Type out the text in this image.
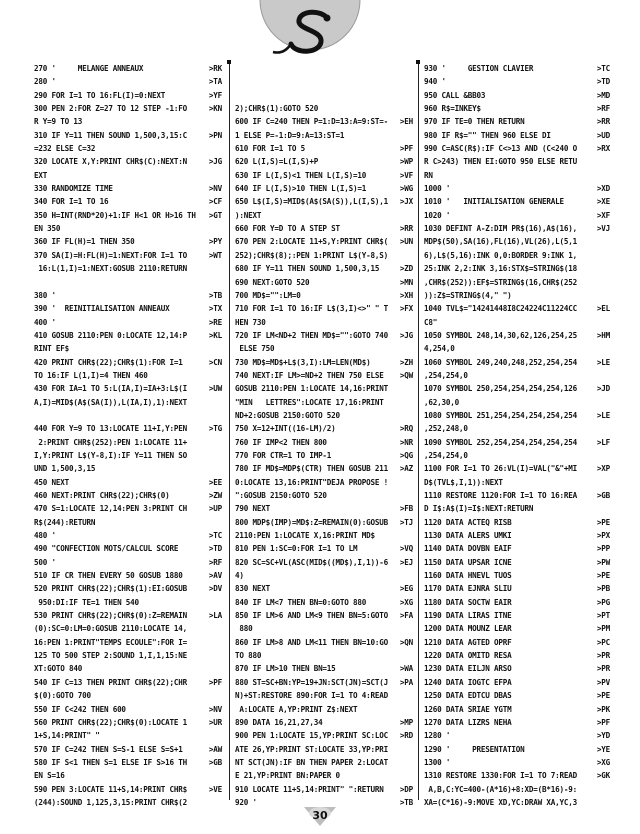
270 '     MELANGE ANNEAUX	>RK
280 '	>TA
290 FOR I=1 TO 16:FL(I)=0:NEXT	>YF
300 PEN 2:FOR Z=27 TO 12 STEP -1:FO	>KN
R Y=9 TO 13
310 IF Y=11 THEN SOUND 1,500,3,15:C	>PN
=232 ELSE C=32
320 LOCATE X,Y:PRINT CHR$(C):NEXT:N	>JG
EXT
330 RANDOMIZE TIME	>NV
340 FOR I=1 TO 16	>CF
350 H=INT(RND*20)+1:IF H<1 OR H>16 TH >GT
EN 350
360 IF FL(H)=1 THEN 350	>PY
370 SA(I)=H:FL(H)=1:NEXT:FOR I=1 TO	>WT
16:L(1,I)=1:NEXT:GOSUB 2110:RETURN

380 '	>TB
390 '  REINITIALISATION ANNEAUX	>TX
400 '	>RE
410 GOSUB 2110:PEN 0:LOCATE 12,14:P	>KL
RINT EF$
420 PRINT CHR$(22);CHR$(1):FOR I=1	>CN
TO 16:IF L(1,I)=4 THEN 460
430 FOR IA=1 TO 5:L(IA,I)=IA+3:L$(I	>UW
A,I)=MID$(A$(SA(I)),L(IA,I),1):NEXT

440 FOR Y=9 TO 13:LOCATE 11+I,Y:PEN	>TG
2:PRINT CHR$(252):PEN 1:LOCATE 11+
I,Y:PRINT L$(Y-8,I):IF Y=11 THEN SO
UND 1,500,3,15
450 NEXT	>EE
460 NEXT:PRINT CHR$(22);CHR$(0)	>ZW
470 S=1:LOCATE 12,14:PEN 3:PRINT CH	>UP
R$(244):RETURN
480 '	>TC
490 "CONFECTION MOTS/CALCUL SCORE	>TD
500 '	>RF
510 IF CR THEN EVERY 50 GOSUB 1880	>AV
520 PRINT CHR$(22);CHR$(1):EI:GOSUB	>DV
950:DI:IF TE=1 THEN 540
530 PRINT CHR$(22);CHR$(0):Z=REMAIN	>LA
(0):SC=0:LM=0:GOSUB 2110:LOCATE 14,
16:PEN 1:PRINT"TEMPS ECOULE":FOR I=
125 TO 500 STEP 2:SOUND 1,I,1,15:NE
XT:GOTO 840
540 IF C=13 THEN PRINT CHR$(22);CHR	>PF
$(0):GOTO 700
550 IF C<242 THEN 600	>NV
560 PRINT CHR$(22);CHR$(0):LOCATE 1	>UR
1+S,14:PRINT" "
570 IF C=242 THEN S=S-1 ELSE S=S+1	>AW
580 IF S<1 THEN S=1 ELSE IF S>16 TH	>GB
EN S=16
590 PEN 3:LOCATE 11+S,14:PRINT CHR$	>VE
(244):SOUND 1,125,3,15:PRINT CHR$(2

2);CHR$(1):GOTO 520
600 IF C=240 THEN P=1:D=13:A=9:ST=- >EH
1 ELSE P=-1:D=9:A=13:ST=1
610 FOR I=1 TO 5	>PF
620 L(I,S)=L(I,S)+P	>WP
630 IF L(I,S)<1 THEN L(I,S)=10	>VF
640 IF L(I,S)>10 THEN L(I,S)=1	>WG
650 L$(I,S)=MID$(A$(SA(S)),L(I,S),1 >JX
):NEXT
660 FOR Y=D TO A STEP ST	>RR
670 PEN 2:LOCATE 11+S,Y:PRINT CHR$( >UN
252);CHR$(8);:PEN 1:PRINT L$(Y-8,S)
680 IF Y=11 THEN SOUND 1,500,3,15	>ZD
690 NEXT:GOTO 520	>MN
700 MD$="":LM=0	>XH
710 FOR I=1 TO 16:IF L$(3,I)<>" " T >FX
HEN 730
720 IF LM<ND+2 THEN MD$="":GOTO 740 >JG
ELSE 750
730 MD$=MD$+L$(3,I):LM=LEN(MD$)	>ZH
740 NEXT:IF LM>=ND+2 THEN 750 ELSE >QW
GOSUB 2110:PEN 1:LOCATE 14,16:PRINT
"MIN   LETTRES":LOCATE 17,16:PRINT
ND+2:GOSUB 2150:GOTO 520
750 X=12+INT((16-LM)/2)	>RQ
760 IF IMP<2 THEN 800	>NR
770 FOR CTR=1 TO IMP-1	>QG
780 IF MD$=MDP$(CTR) THEN GOSUB 211 >AZ
0:LOCATE 13,16:PRINT"DEJA PROPOSE !
":GOSUB 2150:GOTO 520
790 NEXT	>FB
800 MDP$(IMP)=MD$:Z=REMAIN(0):GOSUB >TJ
2110:PEN 1:LOCATE X,16:PRINT MD$
810 PEN 1:SC=0:FOR I=1 TO LM	>VQ
820 SC=SC+VL(ASC(MID$((MD$),I,1))-6 >EJ
4)
830 NEXT	>EG
840 IF LM<7 THEN BN=0:GOTO 880	>XG
850 IF LM>6 AND LM<9 THEN BN=5:GOTO >FA
880
860 IF LM>8 AND LM<11 THEN BN=10:GO >QN
TO 880
870 IF LM>10 THEN BN=15	>WA
880 ST=SC+BN:YP=19+JN:SCT(JN)=SCT(J >PA
N)+ST:RESTORE 890:FOR I=1 TO 4:READ
A:LOCATE A,YP:PRINT Z$:NEXT
890 DATA 16,21,27,34	>MP
900 PEN 1:LOCATE 15,YP:PRINT SC:LOC >RD
ATE 26,YP:PRINT ST:LOCATE 33,YP:PRI
NT SCT(JN):IF BN THEN PAPER 2:LOCAT
E 21,YP:PRINT BN:PAPER 0
910 LOCATE 11+S,14:PRINT" ":RETURN >DP
920 '	>TB
930 '     GESTION CLAVIER	>TC
940 '	>TD
950 CALL &BB03	>MD
960 R$=INKEY$	>RF
970 IF TE=0 THEN RETURN	>RR
980 IF R$="" THEN 960 ELSE DI	>UD
990 C=ASC(R$):IF C<>13 AND (C<240 O	>RX
R C>243) THEN EI:GOTO 950 ELSE RETU
RN
1000 '	>XD
1010 '   INITIALISATION GENERALE	>XE
1020 '	>XF
1030 DEFINT A-Z:DIM PR$(16),A$(16),	>VJ
MDP$(50),SA(16),FL(16),VL(26),L(5,1
6),L$(5,16):INK 0,0:BORDER 9:INK 1,
25:INK 2,2:INK 3,16:STX$=STRING$(18
,CHR$(252)):EF$=STRING$(16,CHR$(252
)):Z$=STRING$(4," ")
1040 TVL$="14241448I8C24224C11224CC	>EL
C8"
1050 SYMBOL 248,14,30,62,126,254,25	>HM
4,254,0
1060 SYMBOL 249,240,248,252,254,254	>LE
,254,254,0
1070 SYMBOL 250,254,254,254,254,126	>JD
,62,30,0
1080 SYMBOL 251,254,254,254,254,254	>LE
,252,248,0
1090 SYMBOL 252,254,254,254,254,254	>LF
,254,254,0
1100 FOR I=1 TO 26:VL(I)=VAL("&"+MI	>XP
D$(TVL$,I,1)):NEXT
1110 RESTORE 1120:FOR I=1 TO 16:REA	>GB
D I$:A$(I)=I$:NEXT:RETURN
1120 DATA ACTEQ RISB	>PE
1130 DATA ALERS UMKI	>PX
1140 DATA DOVBN EAIF	>PP
1150 DATA UPSAR ICNE	>PW
1160 DATA HNEVL TUOS	>PE
1170 DATA EJNRA SLIU	>PB
1180 DATA SOCTW EAIR	>PG
1190 DATA LIRAS ITNE	>PT
1200 DATA MOUNZ LEAR	>PM
1210 DATA AGTED OPRF	>PC
1220 DATA OMITD RESA	>PR
1230 DATA EILJN ARSO	>PR
1240 DATA IOGTC EFPA	>PV
1250 DATA EDTCU DBAS	>PE
1260 DATA SRIAE YGTM	>PK
1270 DATA LIZRS NEHA	>PF
1280 '	>YD
1290 '     PRESENTATION	>YE
1300 '	>XG
1310 RESTORE 1330:FOR I=1 TO 7:READ	>GK
A,B,C:YC=400-(A*16)+8:XD=(B*16)-9:
XA=(C*16)-9:MOVE XD,YC:DRAW XA,YC,3
30
